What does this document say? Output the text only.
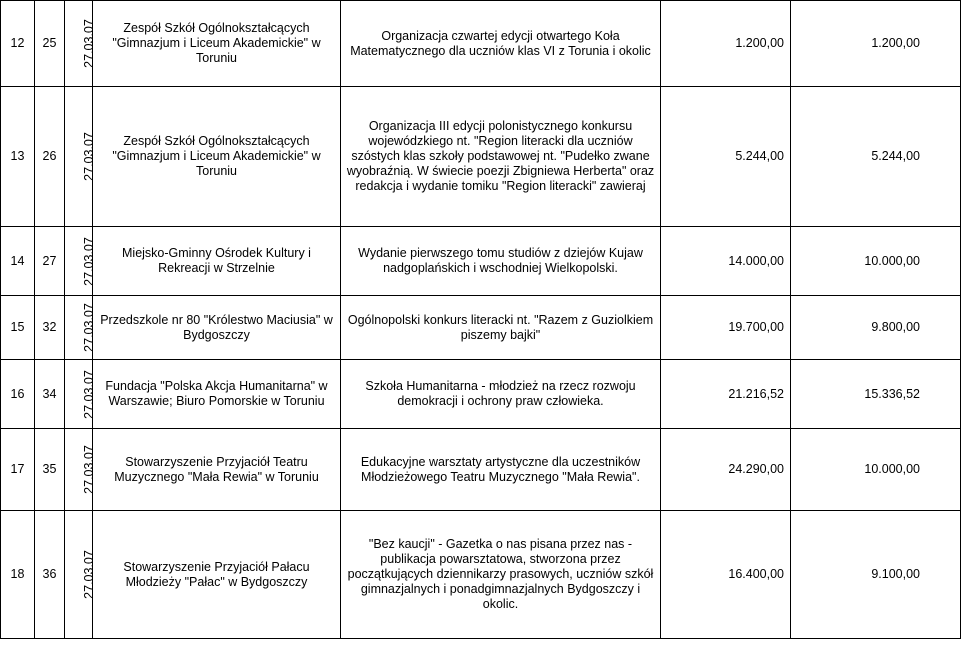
12	25	27.03.07	Zespół Szkół Ogólnokształcących "Gimnazjum i Liceum Akademickie" w Toruniu	Organizacja czwartej edycji otwartego Koła Matematycznego dla uczniów klas VI z Torunia i okolic	1.200,00	1.200,00
13	26	27.03.07	Zespół Szkół Ogólnokształcących "Gimnazjum i Liceum Akademickie" w Toruniu	Organizacja III edycji polonistycznego konkursu wojewódzkiego nt. "Region literacki dla uczniów szóstych klas szkoły podstawowej nt. "Pudełko zwane wyobraźnią. W świecie poezji Zbigniewa Herberta" oraz redakcja i wydanie tomiku "Region literacki" zawieraj	5.244,00	5.244,00
14	27	27.03.07	Miejsko-Gminny Ośrodek Kultury i Rekreacji w Strzelnie	Wydanie pierwszego tomu studiów z dziejów Kujaw nadgoplańskich i wschodniej Wielkopolski.	14.000,00	10.000,00
15	32	27.03.07	Przedszkole nr 80 "Królestwo Maciusia" w Bydgoszczy	Ogólnopolski konkurs literacki nt. "Razem z Guziolkiem piszemy bajki"	19.700,00	9.800,00
16	34	27.03.07	Fundacja "Polska Akcja Humanitarna" w Warszawie; Biuro Pomorskie w Toruniu	Szkoła Humanitarna - młodzież na rzecz rozwoju demokracji i ochrony praw człowieka.	21.216,52	15.336,52
17	35	27.03.07	Stowarzyszenie Przyjaciół Teatru Muzycznego "Mała Rewia" w Toruniu	Edukacyjne warsztaty artystyczne dla uczestników Młodzieżowego Teatru Muzycznego "Mała Rewia".	24.290,00	10.000,00
18	36	27.03.07	Stowarzyszenie Przyjaciół Pałacu Młodzieży "Pałac" w Bydgoszczy	"Bez kaucji" - Gazetka o nas pisana przez nas - publikacja powarsztatowa, stworzona przez początkujących dziennikarzy prasowych, uczniów szkół gimnazjalnych i ponadgimnazjalnych Bydgoszczy i okolic.	16.400,00	9.100,00
